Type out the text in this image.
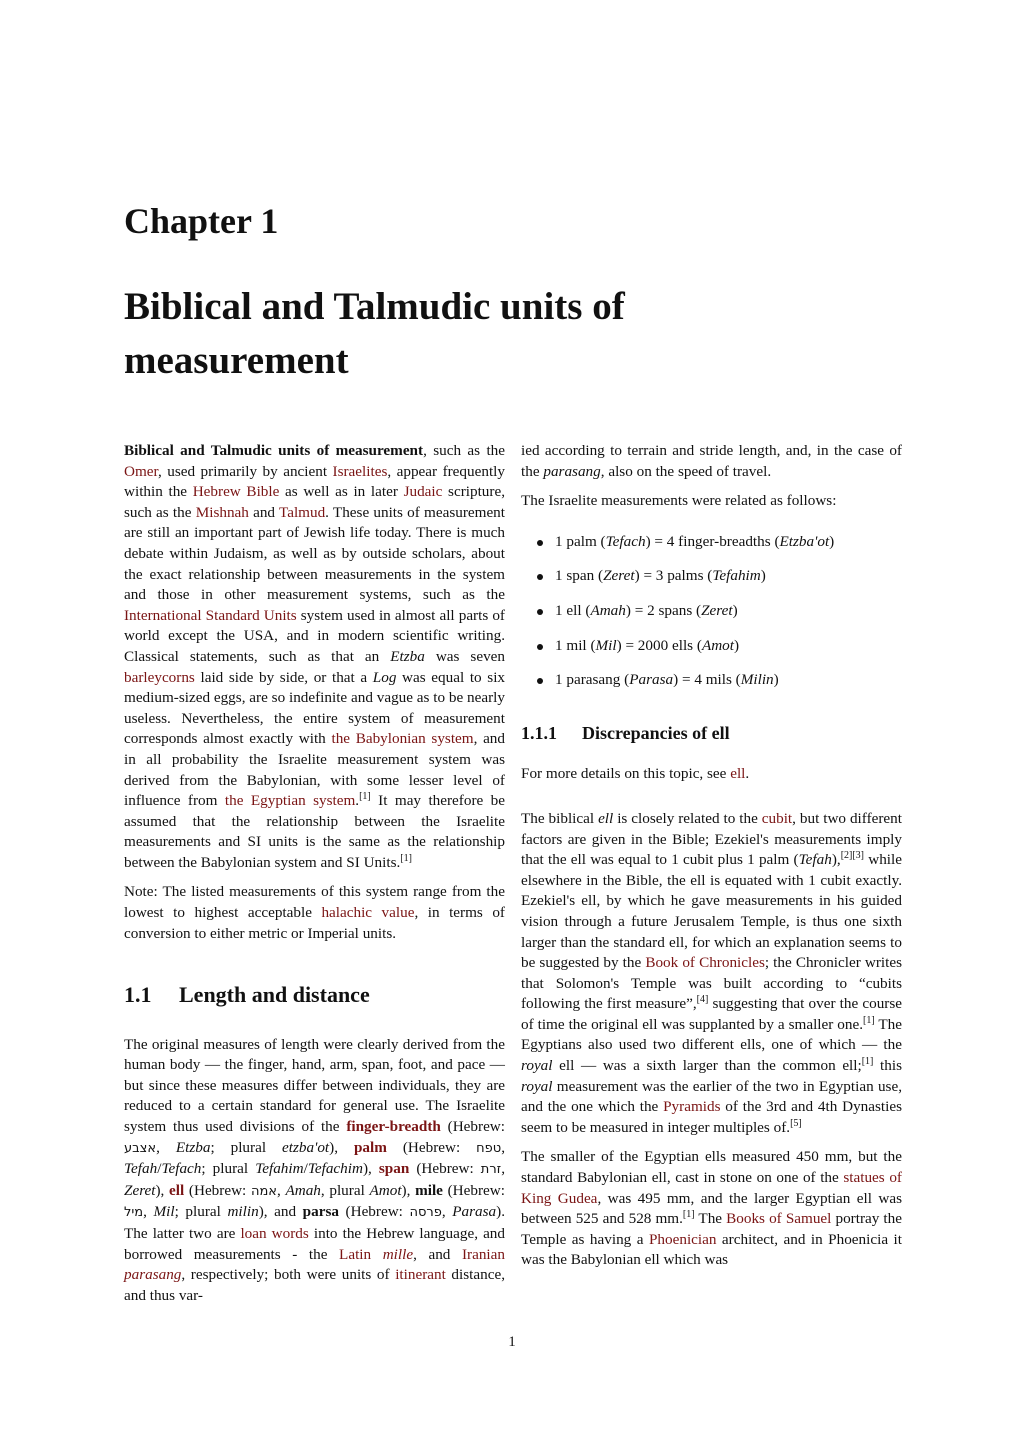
Chapter 1
Biblical and Talmudic units of measurement

Biblical and Talmudic units of measurement, such as the Omer, used primarily by ancient Israelites, appear frequently within the Hebrew Bible as well as in later Judaic scripture, such as the Mishnah and Talmud. These units of measurement are still an important part of Jewish life today. There is much debate within Judaism, as well as by outside scholars, about the exact relationship between measurements in the system and those in other measurement systems, such as the International Standard Units system used in almost all parts of world except the USA, and in modern scientific writing. Classical statements, such as that an Etzba was seven barleycorns laid side by side, or that a Log was equal to six medium-sized eggs, are so indefinite and vague as to be nearly useless. Nevertheless, the entire system of measurement corresponds almost exactly with the Babylonian system, and in all probability the Israelite measurement system was derived from the Babylonian, with some lesser level of influence from the Egyptian system.[1] It may therefore be assumed that the relationship between the Israelite measurements and SI units is the same as the relationship between the Babylonian system and SI Units.[1]

Note: The listed measurements of this system range from the lowest to highest acceptable halachic value, in terms of conversion to either metric or Imperial units.

1.1 Length and distance

The original measures of length were clearly derived from the human body — the finger, hand, arm, span, foot, and pace — but since these measures differ between individuals, they are reduced to a certain standard for general use. The Israelite system thus used divisions of the finger-breadth (Hebrew: אצבע, Etzba; plural etzba'ot), palm (Hebrew: טפח, Tefah/Tefach; plural Tefahim/Tefachim), span (Hebrew: זרת, Zeret), ell (Hebrew: אמה, Amah, plural Amot), mile (Hebrew: מיל, Mil; plural milin), and parsa (Hebrew: פרסה, Parasa). The latter two are loan words into the Hebrew language, and borrowed measurements - the Latin mille, and Iranian parasang, respectively; both were units of itinerant distance, and thus var-

ied according to terrain and stride length, and, in the case of the parasang, also on the speed of travel.

The Israelite measurements were related as follows:

1 palm (Tefach) = 4 finger-breadths (Etzba'ot)
1 span (Zeret) = 3 palms (Tefahim)
1 ell (Amah) = 2 spans (Zeret)
1 mil (Mil) = 2000 ells (Amot)
1 parasang (Parasa) = 4 mils (Milin)
1.1.1 Discrepancies of ell

For more details on this topic, see ell.

The biblical ell is closely related to the cubit, but two different factors are given in the Bible; Ezekiel's measurements imply that the ell was equal to 1 cubit plus 1 palm (Tefah),[2][3] while elsewhere in the Bible, the ell is equated with 1 cubit exactly. Ezekiel's ell, by which he gave measurements in his guided vision through a future Jerusalem Temple, is thus one sixth larger than the standard ell, for which an explanation seems to be suggested by the Book of Chronicles; the Chronicler writes that Solomon's Temple was built according to “cubits following the first measure”,[4] suggesting that over the course of time the original ell was supplanted by a smaller one.[1] The Egyptians also used two different ells, one of which — the royal ell — was a sixth larger than the common ell;[1] this royal measurement was the earlier of the two in Egyptian use, and the one which the Pyramids of the 3rd and 4th Dynasties seem to be measured in integer multiples of.[5]

The smaller of the Egyptian ells measured 450 mm, but the standard Babylonian ell, cast in stone on one of the statues of King Gudea, was 495 mm, and the larger Egyptian ell was between 525 and 528 mm.[1] The Books of Samuel portray the Temple as having a Phoenician architect, and in Phoenicia it was the Babylonian ell which was

1
